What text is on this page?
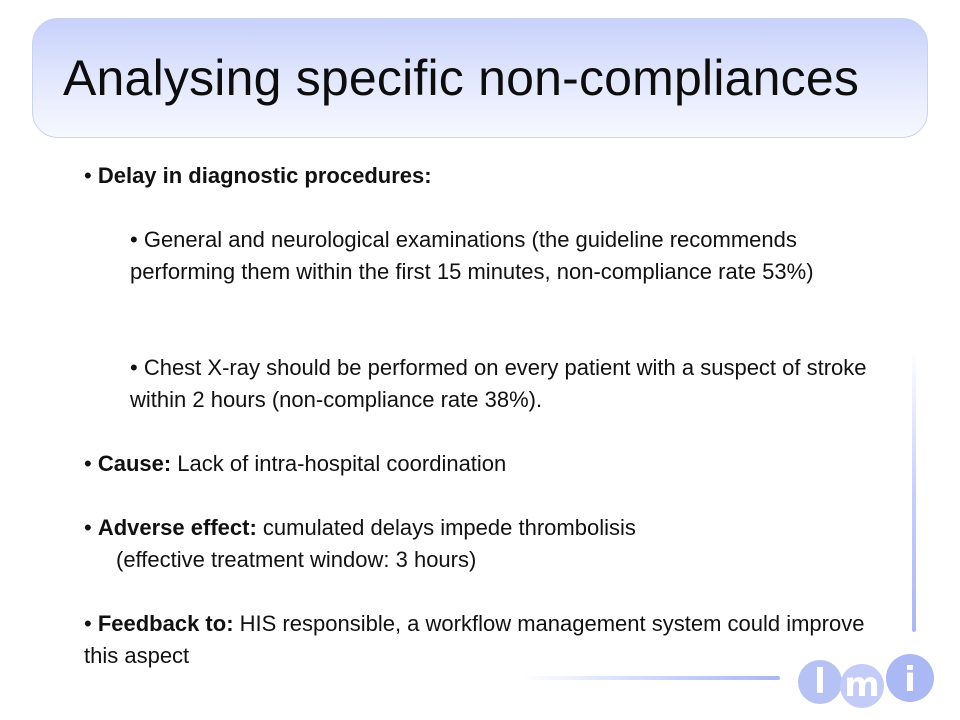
Analysing specific non-compliances
• Delay in diagnostic procedures:
• General and neurological examinations (the guideline recommends performing them within the first 15 minutes, non-compliance rate 53%)
• Chest X-ray should be performed on every patient with a suspect of stroke within 2 hours (non-compliance rate 38%).
• Cause: Lack of intra-hospital coordination
• Adverse effect: cumulated delays impede thrombolisis
(effective treatment window: 3 hours)
• Feedback to: HIS responsible, a workflow management system could improve this aspect
l m i
